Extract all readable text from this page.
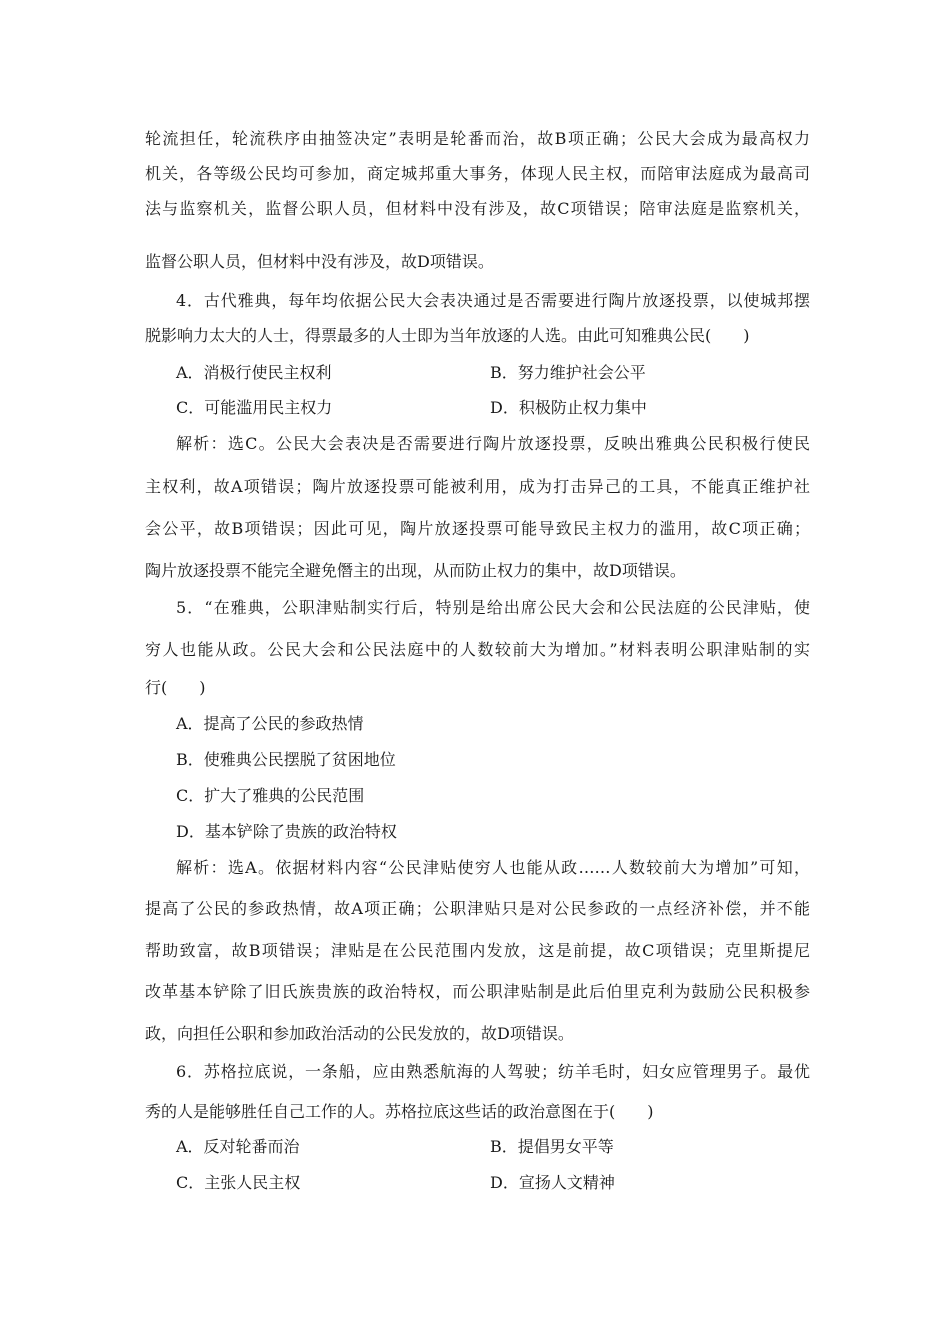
轮流担任，轮流秩序由抽签决定”表明是轮番而治，故B项正确；公民大会成为最高权力
机关，各等级公民均可参加，商定城邦重大事务，体现人民主权，而陪审法庭成为最高司
法与监察机关，监督公职人员，但材料中没有涉及，故C项错误；陪审法庭是监察机关，
监督公职人员，但材料中没有涉及，故D项错误。
4．古代雅典，每年均依据公民大会表决通过是否需要进行陶片放逐投票，以使城邦摆
脱影响力太大的人士，得票最多的人士即为当年放逐的人选。由此可知雅典公民(　　)
A．消极行使民主权利	B．努力维护社会公平
C．可能滥用民主权力	D．积极防止权力集中
解析：选C。公民大会表决是否需要进行陶片放逐投票，反映出雅典公民积极行使民
主权利，故A项错误；陶片放逐投票可能被利用，成为打击异己的工具，不能真正维护社
会公平，故B项错误；因此可见，陶片放逐投票可能导致民主权力的滥用，故C项正确；
陶片放逐投票不能完全避免僭主的出现，从而防止权力的集中，故D项错误。
5．“在雅典，公职津贴制实行后，特别是给出席公民大会和公民法庭的公民津贴，使
穷人也能从政。公民大会和公民法庭中的人数较前大为增加。”材料表明公职津贴制的实
行(　　)
A．提高了公民的参政热情
B．使雅典公民摆脱了贫困地位
C．扩大了雅典的公民范围
D．基本铲除了贵族的政治特权
解析：选A。依据材料内容“公民津贴使穷人也能从政……人数较前大为增加”可知，
提高了公民的参政热情，故A项正确；公职津贴只是对公民参政的一点经济补偿，并不能
帮助致富，故B项错误；津贴是在公民范围内发放，这是前提，故C项错误；克里斯提尼
改革基本铲除了旧氏族贵族的政治特权，而公职津贴制是此后伯里克利为鼓励公民积极参
政，向担任公职和参加政治活动的公民发放的，故D项错误。
6．苏格拉底说，一条船，应由熟悉航海的人驾驶；纺羊毛时，妇女应管理男子。最优
秀的人是能够胜任自己工作的人。苏格拉底这些话的政治意图在于(　　)
A．反对轮番而治	B．提倡男女平等
C．主张人民主权	D．宣扬人文精神
